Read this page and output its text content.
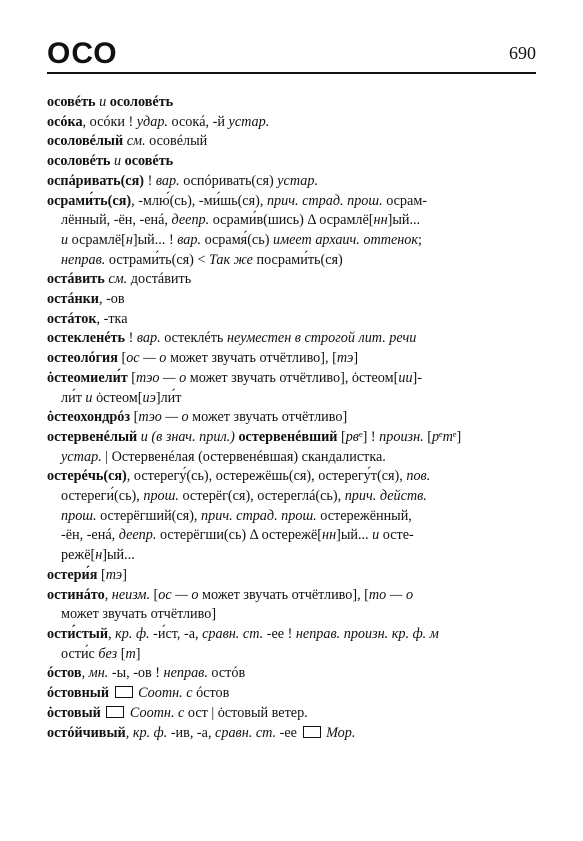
ОСО	690
осовéть и осоловéть
осóка, осóки ! удар. осокá, -й устар.
осоловéлый см. осовéлый
осоловéть и осовéть
оспáривать(ся) ! вар. оспóривать(ся) устар.
осрами́ть(ся), -млю́(сь), -ми́шь(ся), прич. страд. прош. осрам-
лённый, -ён, -енá, деепр. осрами́в(шись) Δ осрамлё[нн]ый...
и осрамлё[н]ый... ! вар. осрамя́(сь) имеет архаич. оттенок;
неправ. острами́ть(ся) < Так же посрами́ть(ся)
остáвить см. достáвить
остáнки, -ов
остáток, -тка
остекленéть ! вар. остеклéть неуместен в строгой лит. речи
остеолóгия [ос — о может звучать отчётливо], [тэ]
ȯстеомиели́т [тэо — о может звучать отчётливо], ȯстеом[ии]-
ли́т и ȯстеом[иэ]ли́т
ȯстеохондрóз [тэо — о может звучать отчётливо]
остервенéлый и (в знач. прил.) остервенéвший [рвᵉ] ! произн. [рᵉтᵉ]
устар. | Остервенéлая (остервенéвшая) скандалистка.
остерéчь(ся), остерегу́(сь), остережёшь(ся), остерегу́т(ся), пов.
остереги́(сь), прош. остерёг(ся), остереглá(сь), прич. действ.
прош. остерёгший(ся), прич. страд. прош. остережённый,
-ён, -енá, деепр. остерёгши(сь) Δ остережё[нн]ый... и осте-
режё[н]ый...
остери́я [тэ]
остинáто, неизм. [ос — о может звучать отчётливо], [то — о
может звучать отчётливо]
ости́стый, кр. ф. -и́ст, -а, сравн. ст. -ее ! неправ. произн. кр. ф. м
ости́с без [т]
óстов, мн. -ы, -ов ! неправ. остóв
óстовный Соотн. с óстов
ȯстовый Соотн. с ост | ȯстовый ветер.
остóйчивый, кр. ф. -ив, -а, сравн. ст. -ее  Мор.
